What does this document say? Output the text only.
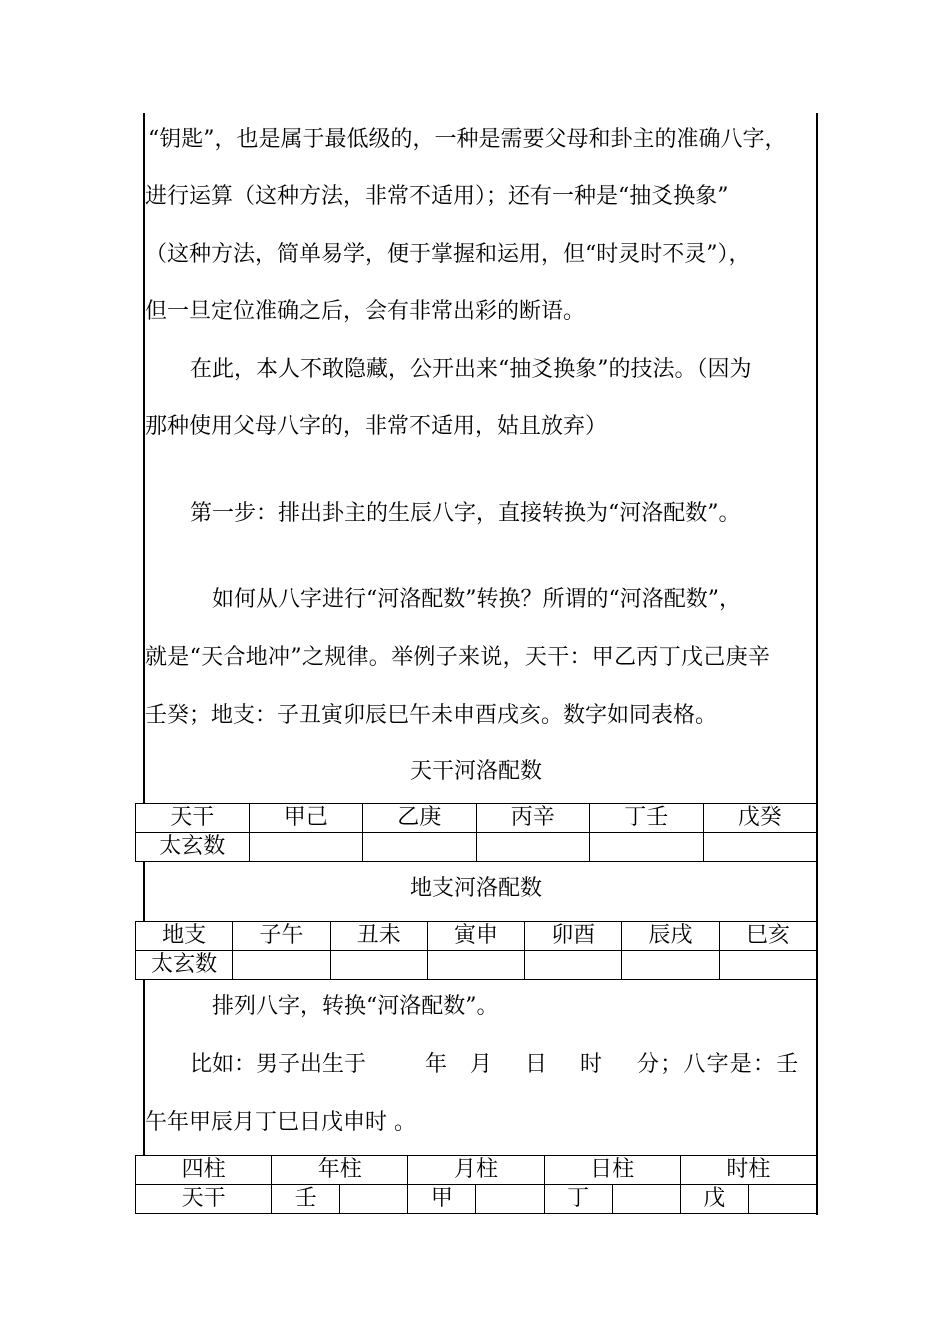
“钥匙”，也是属于最低级的，一种是需要父母和卦主的准确八字，
进行运算（这种方法，非常不适用）；还有一种是“抽爻换象”
（这种方法，简单易学，便于掌握和运用，但“时灵时不灵”），
但一旦定位准确之后，会有非常出彩的断语。
在此，本人不敢隐藏，公开出来“抽爻换象”的技法。（因为
那种使用父母八字的，非常不适用，姑且放弃）
第一步：排出卦主的生辰八字，直接转换为“河洛配数”。
如何从八字进行“河洛配数”转换？所谓的“河洛配数”，
就是“天合地冲”之规律。举例子来说，天干：甲乙丙丁戊己庚辛
壬癸；地支：子丑寅卯辰巳午未申酉戌亥。数字如同表格。
天干河洛配数
天干	甲己	乙庚	丙辛	丁壬	戊癸
太玄数					
地支河洛配数
地支	子午	丑未	寅申	卯酉	辰戌	巳亥
太玄数						
排列八字，转换“河洛配数”。
比如：男子出生于	年 月 日 时 分；八字是：壬
午年甲辰月丁巳日戊申时 。
四柱	年柱		月柱		日柱		时柱	
天干	壬		甲		丁		戊	
